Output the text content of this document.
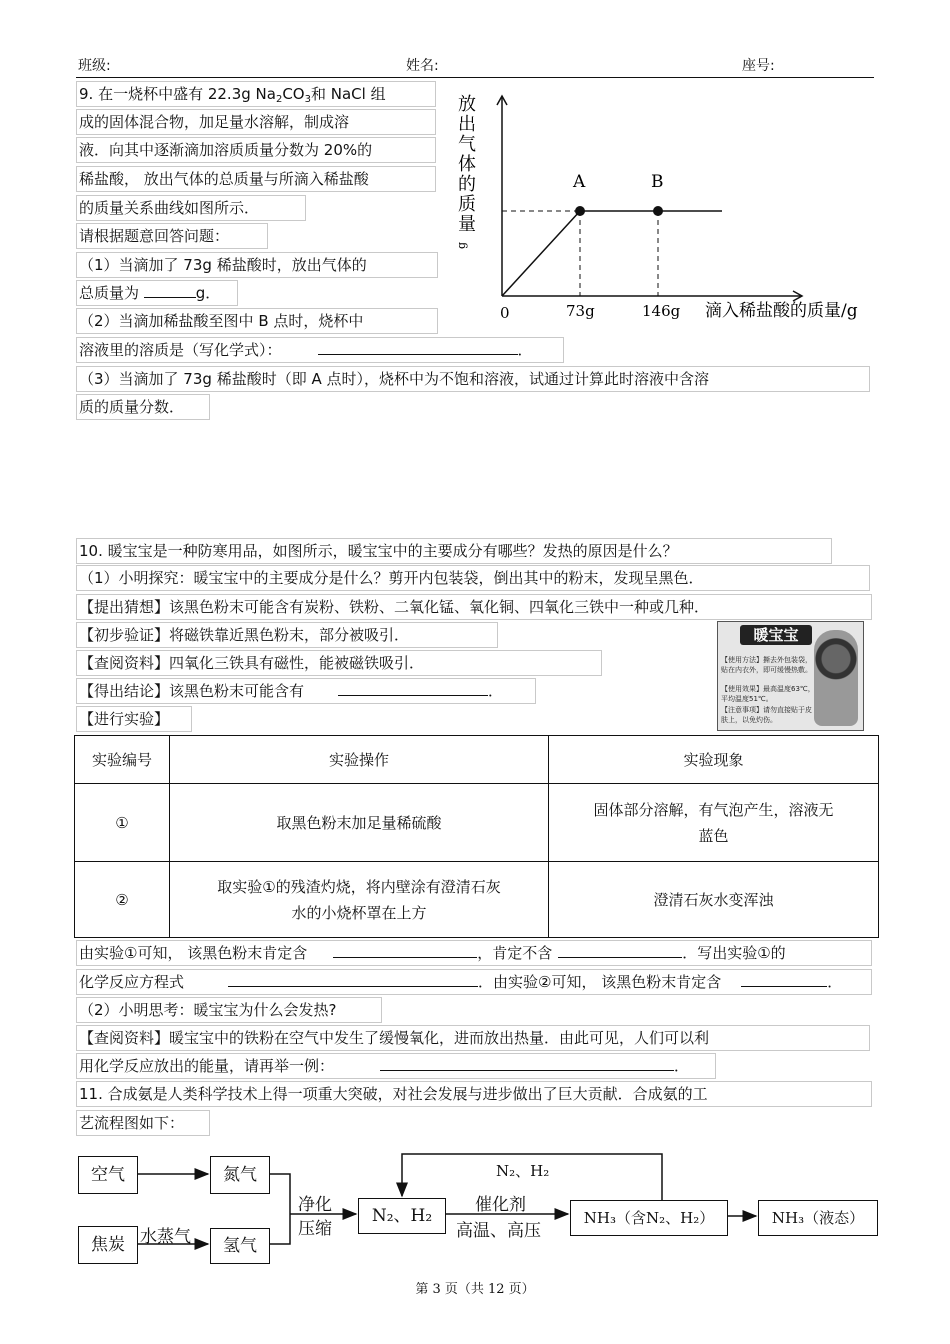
班级:	姓名:	座号:
9. 在一烧杯中盛有 22.3g $Na_2CO_3$和 NaCl 组
成的固体混合物，加足量水溶解，制成溶
液．向其中逐渐滴加溶质质量分数为 20%的
稀盐酸， 放出气体的总质量与所滴入稀盐酸
的质量关系曲线如图所示．
请根据题意回答问题：
（1）当滴加了 73g 稀盐酸时，放出气体的
总质量为	g．
（2）当滴加稀盐酸至图中 B 点时，烧杯中
溶液里的溶质是（写化学式）：	．
（3）当滴加了 73g 稀盐酸时（即 A 点时），烧杯中为不饱和溶液，试通过计算此时溶液中含溶
质的质量分数．
A	B
0	73g	146g 滴入稀盐酸的质量/g
放
出
气
体
的
质
量
g
10. 暖宝宝是一种防寒用品，如图所示，暖宝宝中的主要成分有哪些？发热的原因是什么？
（1）小明探究：暖宝宝中的主要成分是什么？剪开内包装袋，倒出其中的粉末，发现呈黑色．
【提出猜想】该黑色粉末可能含有炭粉、铁粉、二氧化锰、氧化铜、四氧化三铁中一种或几种．
【初步验证】将磁铁靠近黑色粉末，部分被吸引．
【查阅资料】四氧化三铁具有磁性，能被磁铁吸引．
【得出结论】该黑色粉末可能含有	．
【进行实验】
暖宝宝
【使用方法】撕去外包装袋，贴在内衣外，即可缓慢热敷。
【使用效果】最高温度63℃，平均温度51℃。
【注意事项】请勿直接贴于皮肤上，以免灼伤。
实验编号	实验操作	实验现象
①	取黑色粉末加足量稀硫酸	固体部分溶解，有气泡产生，溶液无
蓝色

②	取实验①的残渣灼烧，将内壁涂有澄清石灰
水的小烧杯罩在上方	澄清石灰水变浑浊
由实验①可知， 该黑色粉末肯定含	，肯定不含	．写出实验①的
化学反应方程式	．由实验②可知， 该黑色粉末肯定含	．
（2）小明思考：暖宝宝为什么会发热?
【查阅资料】暖宝宝中的铁粉在空气中发生了缓慢氧化，进而放出热量．由此可见，人们可以利
用化学反应放出的能量，请再举一例：	．
11. 合成氨是人类科学技术上得一项重大突破，对社会发展与进步做出了巨大贡献．合成氨的工
艺流程图如下：
空气	氮气
焦炭 水蒸气	氢气
净化
压缩
N₂、H₂
N₂、H₂
催化剂
高温、高压
NH₃（含N₂、H₂）	NH₃（液态）
第 3 页（共 12 页）
